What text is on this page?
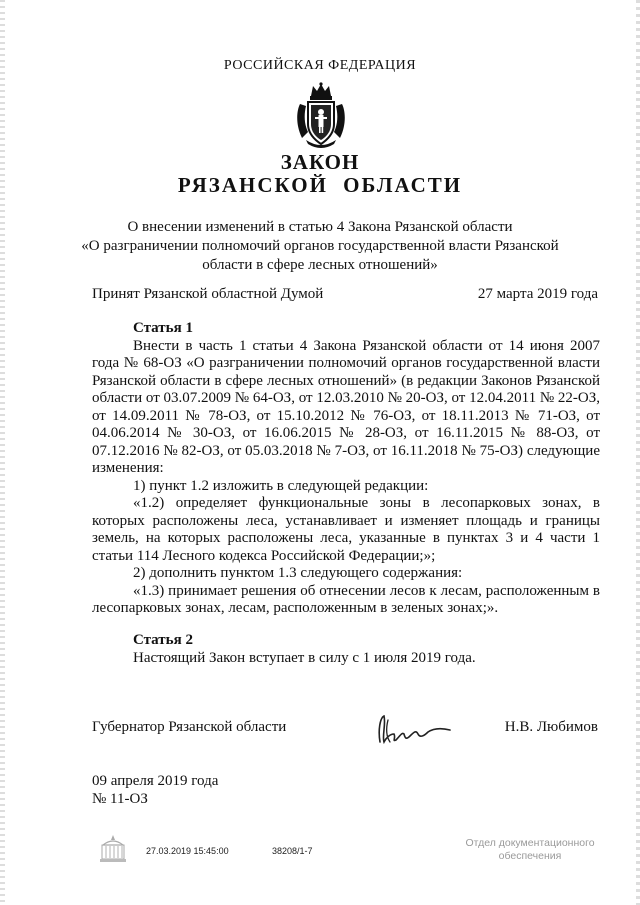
РОССИЙСКАЯ ФЕДЕРАЦИЯ
ЗАКОН
РЯЗАНСКОЙ ОБЛАСТИ
О внесении изменений в статью 4 Закона Рязанской области
«О разграничении полномочий органов государственной власти Рязанской
области в сфере лесных отношений»
Принят Рязанской областной Думой	27 марта 2019 года

Статья 1

Внести в часть 1 статьи 4 Закона Рязанской области от 14 июня 2007 года № 68-ОЗ «О разграничении полномочий органов государственной власти Рязанской области в сфере лесных отношений» (в редакции Законов Рязанской области от 03.07.2009 № 64-ОЗ, от 12.03.2010 № 20-ОЗ, от 12.04.2011 № 22-ОЗ, от 14.09.2011 № 78-ОЗ, от 15.10.2012 № 76-ОЗ, от 18.11.2013 № 71-ОЗ, от 04.06.2014 № 30-ОЗ, от 16.06.2015 № 28-ОЗ, от 16.11.2015 № 88-ОЗ, от 07.12.2016 № 82-ОЗ, от 05.03.2018 № 7-ОЗ, от 16.11.2018 № 75-ОЗ) следующие изменения:

1) пункт 1.2 изложить в следующей редакции:

«1.2) определяет функциональные зоны в лесопарковых зонах, в которых расположены леса, устанавливает и изменяет площадь и границы земель, на которых расположены леса, указанные в пунктах 3 и 4 части 1 статьи 114 Лесного кодекса Российской Федерации;»;

2) дополнить пунктом 1.3 следующего содержания:

«1.3) принимает решения об отнесении лесов к лесам, расположенным в лесопарковых зонах, лесам, расположенным в зеленых зонах;».

Статья 2

Настоящий Закон вступает в силу с 1 июля 2019 года.

Губернатор Рязанской области	Н.В. Любимов
09 апреля 2019 года
№ 11-ОЗ
27.03.2019 15:45:00	38208/1-7
Отдел документационного
обеспечения
